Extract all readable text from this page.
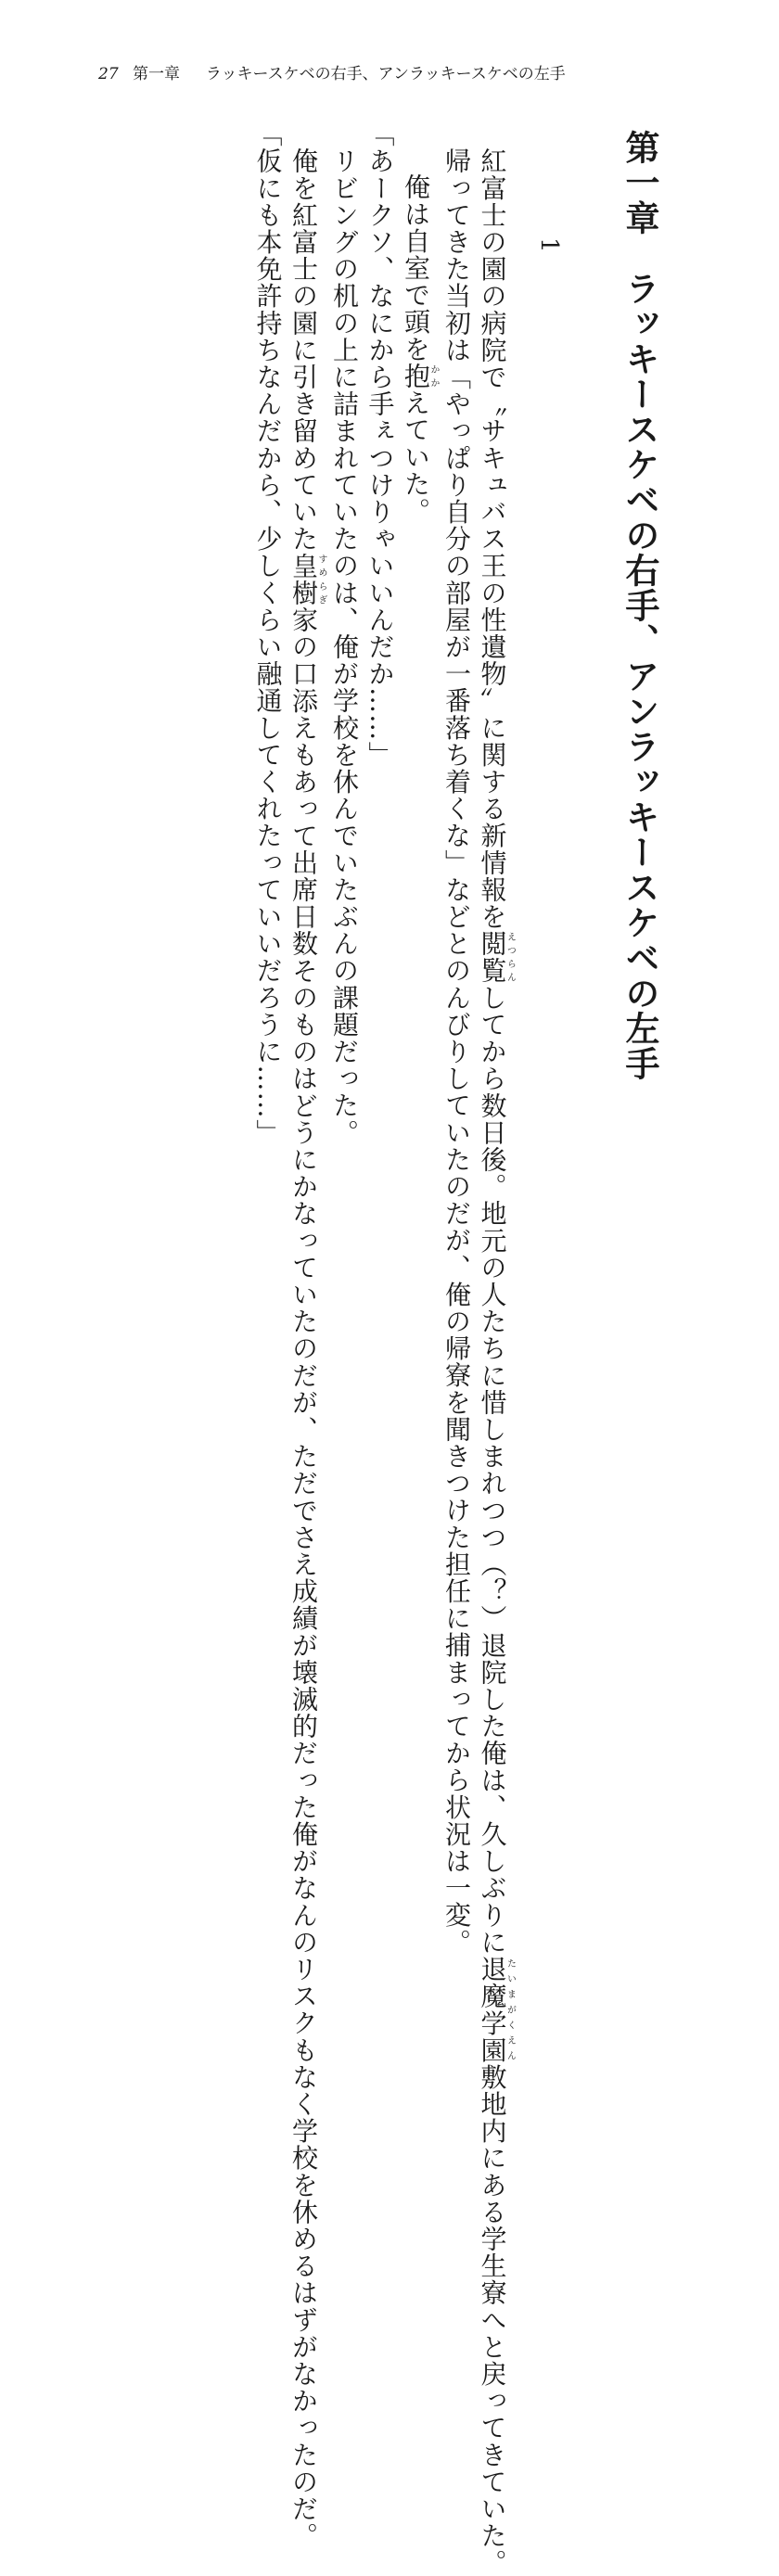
27 第一章   ラッキースケベの右手、アンラッキースケベの左手
第一章　ラッキースケベの右手、アンラッキースケベの左手
1

　紅富士の園の病院で〝サキュバス王の性遺物〟に関する新情報を閲覧えつらんしてから数日後。地元の人たちに惜しまれつつ（？）退院した俺は、久しぶりに退魔学園たいまがくえん敷地内にある学生寮へと戻ってきていた。

　帰ってきた当初は「やっぱり自分の部屋が一番落ち着くな」などとのんびりしていたのだが、俺の帰寮を聞きつけた担任に捕まってから状況は一変。

　俺は自室で頭を抱かかえていた。

「あークソ、なにから手ぇつけりゃいいんだか……」

　リビングの机の上に詰まれていたのは、俺が学校を休んでいたぶんの課題だった。

　俺を紅富士の園に引き留めていた皇樹すめらぎ家の口添えもあって出席日数そのものはどうにかなっていたのだが、ただでさえ成績が壊滅的だった俺がなんのリスクもなく学校を休めるはずがなかったのだ。

「仮にも本免許持ちなんだから、少しくらい融通してくれたっていいだろうに……」
